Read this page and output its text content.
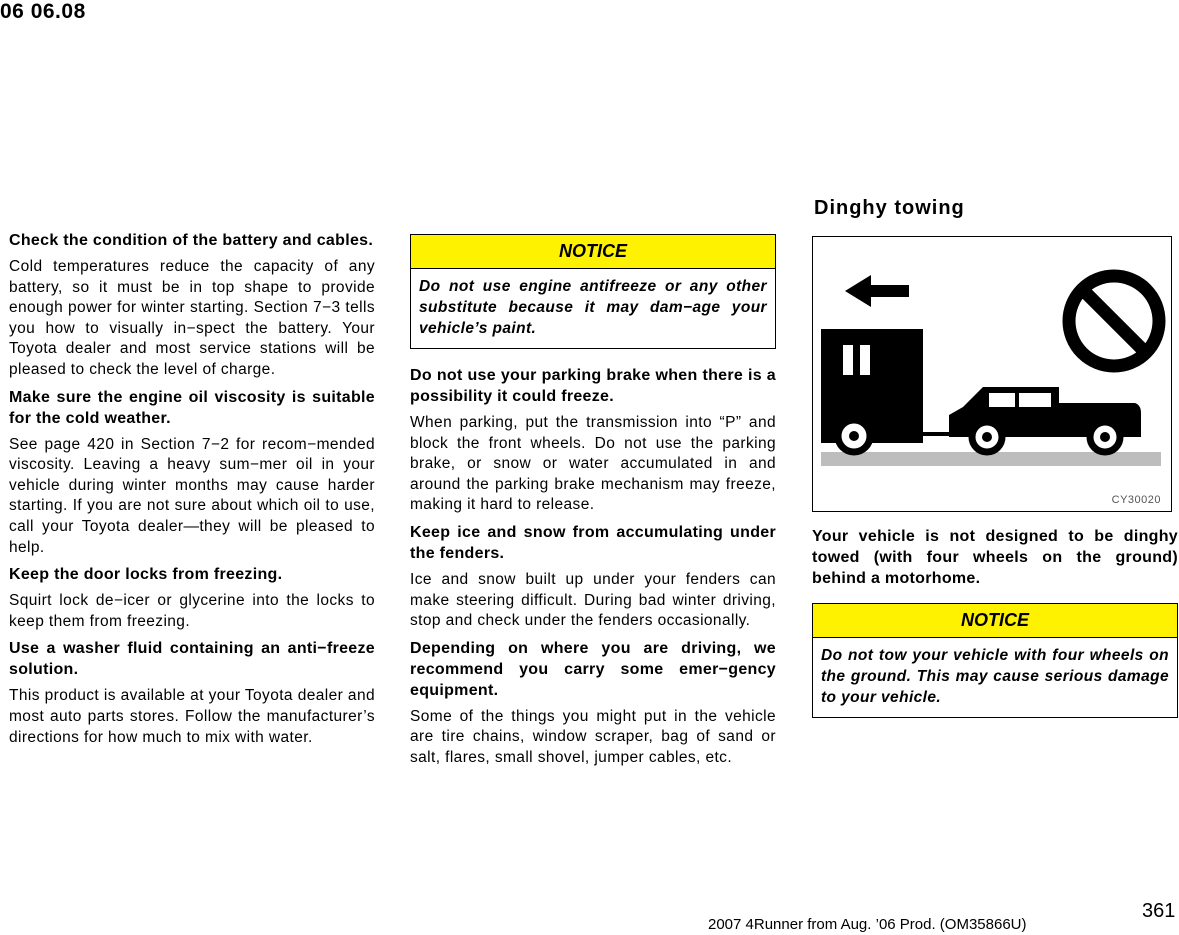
06 06.08
Check the condition of the battery and cables.

Cold temperatures reduce the capacity of any battery, so it must be in top shape to provide enough power for winter starting. Section 7−3 tells you how to visually in−spect the battery. Your Toyota dealer and most service stations will be pleased to check the level of charge.

Make sure the engine oil viscosity is suitable for the cold weather.

See page 420 in Section 7−2 for recom−mended viscosity. Leaving a heavy sum−mer oil in your vehicle during winter months may cause harder starting. If you are not sure about which oil to use, call your Toyota dealer—they will be pleased to help.

Keep the door locks from freezing.

Squirt lock de−icer or glycerine into the locks to keep them from freezing.

Use a washer fluid containing an anti−freeze solution.

This product is available at your Toyota dealer and most auto parts stores. Follow the manufacturer’s directions for how much to mix with water.

NOTICE
Do not use engine antifreeze or any other substitute because it may dam−age your vehicle’s paint.
Do not use your parking brake when there is a possibility it could freeze.

When parking, put the transmission into “P” and block the front wheels. Do not use the parking brake, or snow or water accumulated in and around the parking brake mechanism may freeze, making it hard to release.

Keep ice and snow from accumulating under the fenders.

Ice and snow built up under your fenders can make steering difficult. During bad winter driving, stop and check under the fenders occasionally.

Depending on where you are driving, we recommend you carry some emer−gency equipment.

Some of the things you might put in the vehicle are tire chains, window scraper, bag of sand or salt, flares, small shovel, jumper cables, etc.

Dinghy towing
CY30020
Your vehicle is not designed to be dinghy towed (with four wheels on the ground) behind a motorhome.
NOTICE
Do not tow your vehicle with four wheels on the ground. This may cause serious damage to your vehicle.
361
2007 4Runner from Aug. ’06 Prod. (OM35866U)
